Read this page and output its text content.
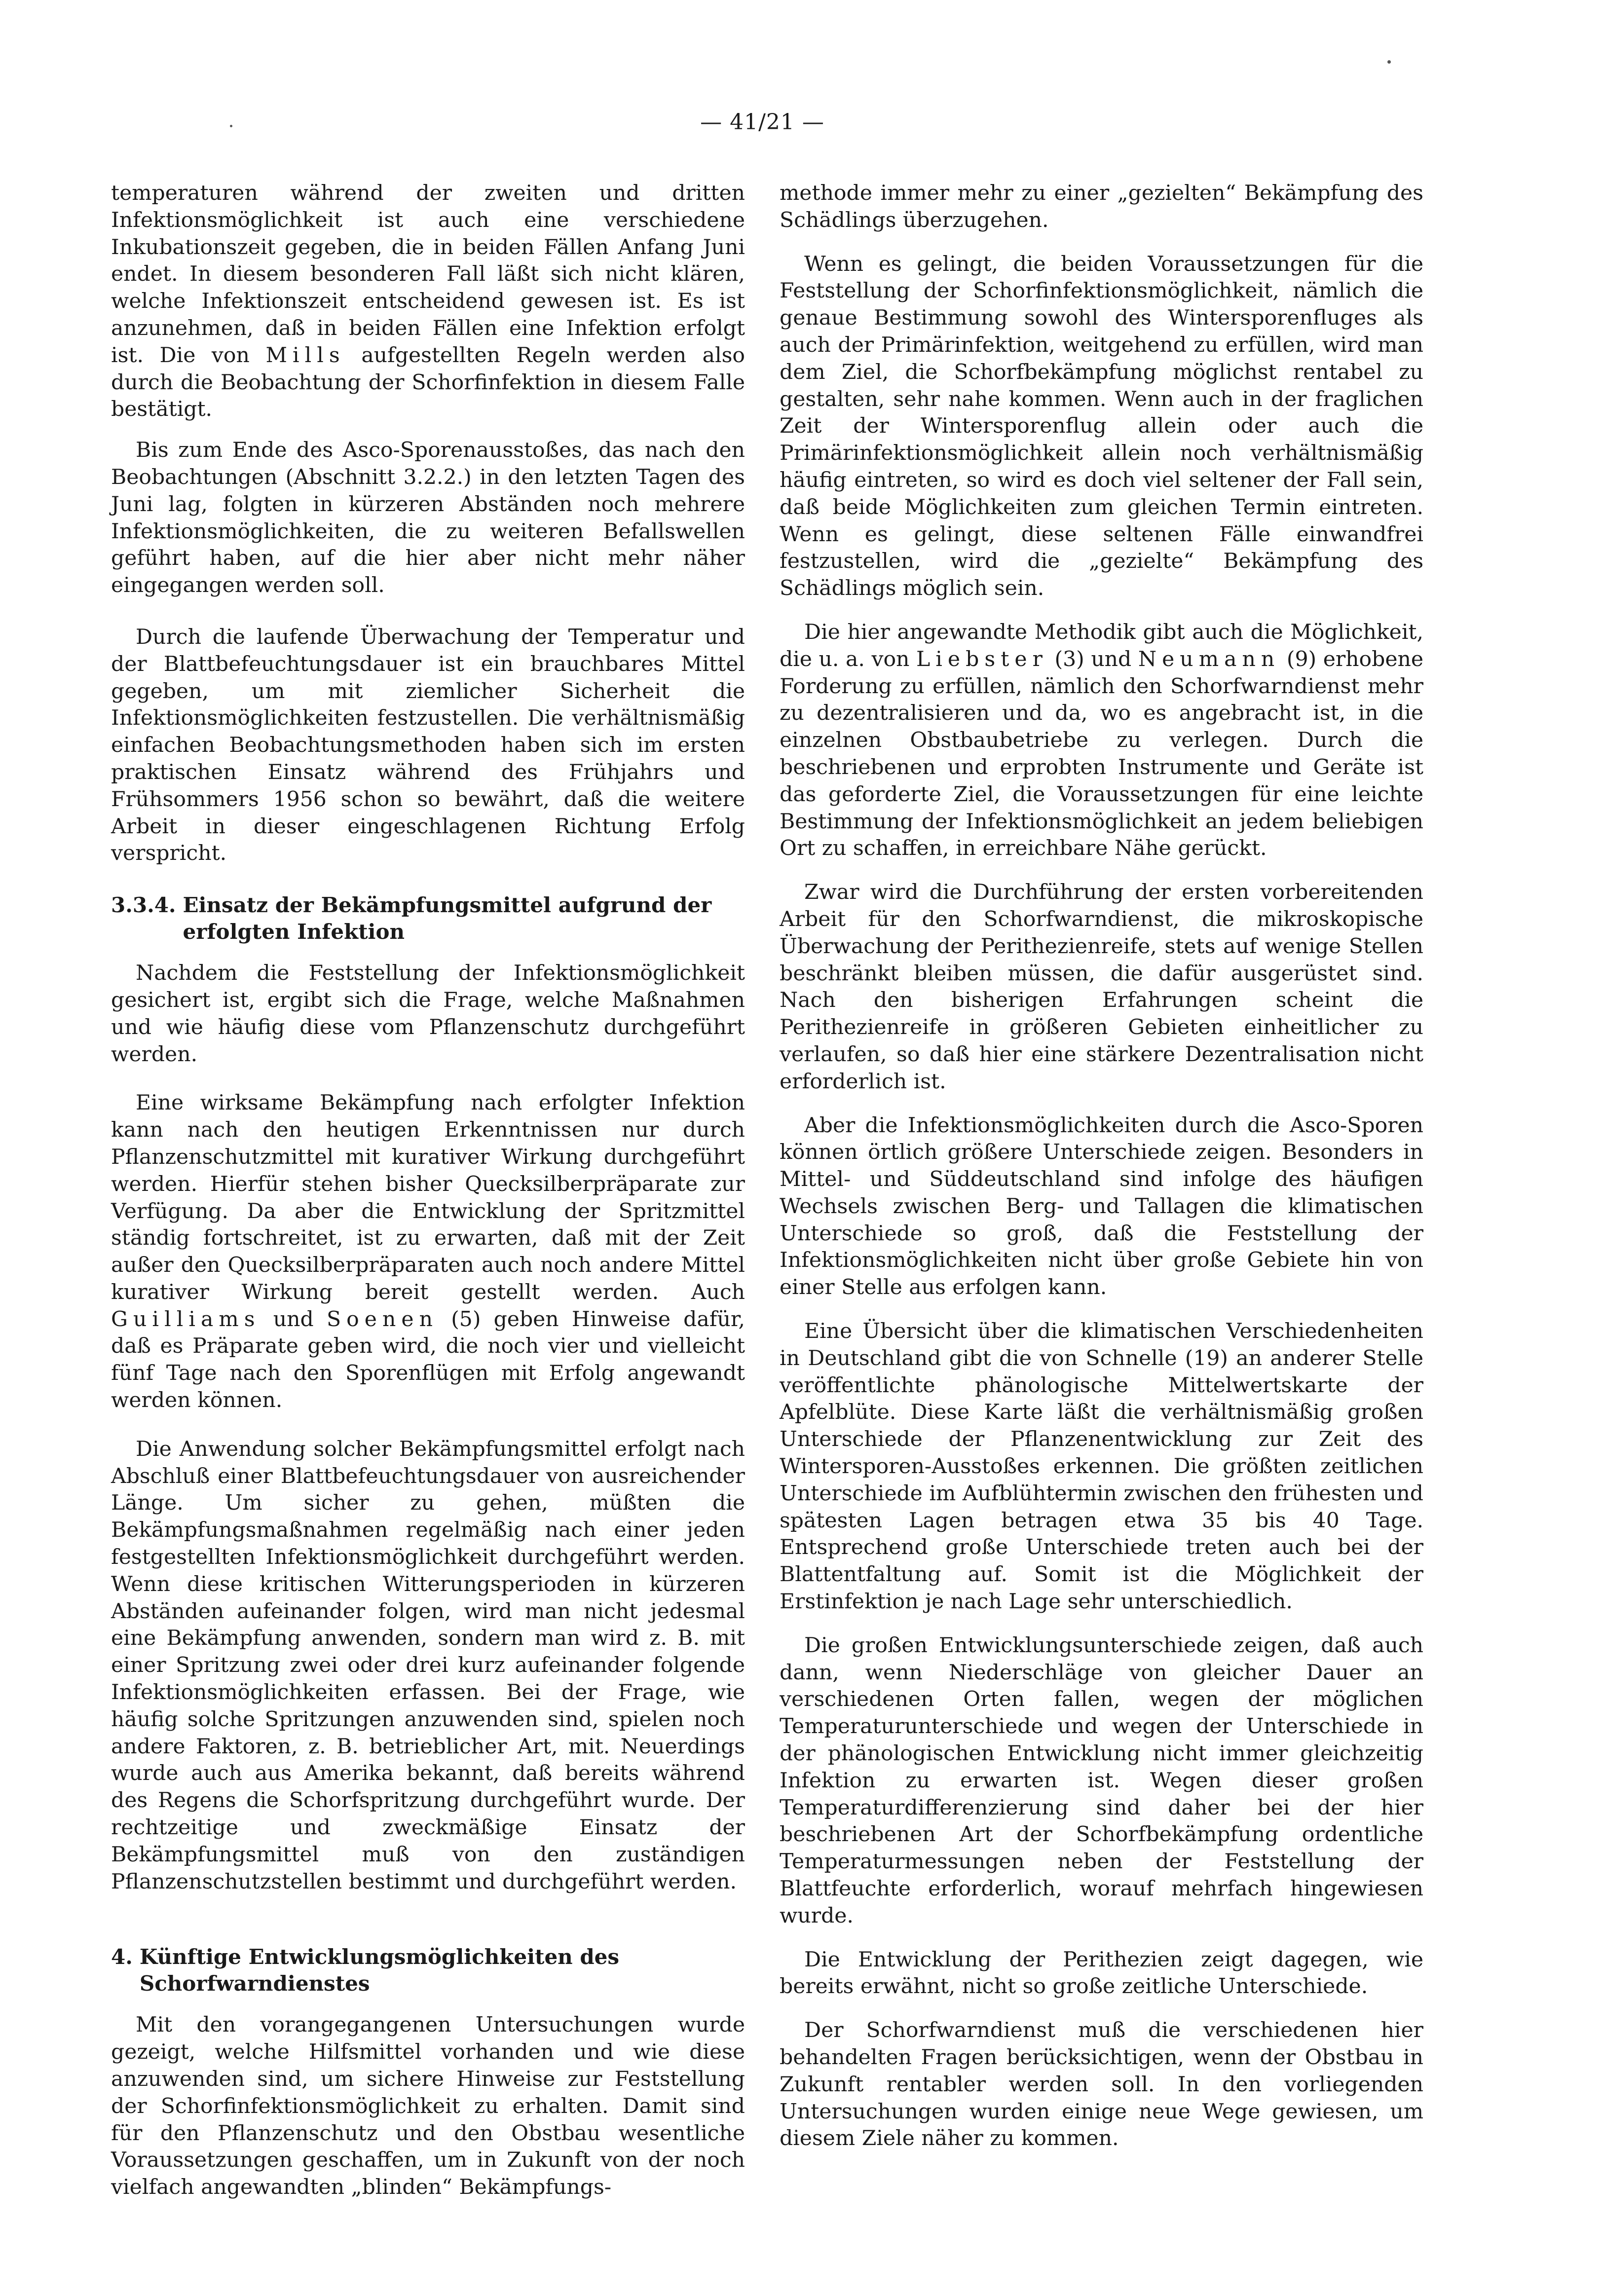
— 41/21 —

temperaturen während der zweiten und dritten Infektionsmöglichkeit ist auch eine verschiedene Inkubationszeit gegeben, die in beiden Fällen Anfang Juni endet. In diesem besonderen Fall läßt sich nicht klären, welche Infektionszeit entscheidend gewesen ist. Es ist anzunehmen, daß in beiden Fällen eine Infektion erfolgt ist. Die von Mills aufgestellten Regeln werden also durch die Beobachtung der Schorfinfektion in diesem Falle bestätigt.

Bis zum Ende des Asco-Sporenausstoßes, das nach den Beobachtungen (Abschnitt 3.2.2.) in den letzten Tagen des Juni lag, folgten in kürzeren Abständen noch mehrere Infektionsmöglichkeiten, die zu weiteren Befallswellen geführt haben, auf die hier aber nicht mehr näher eingegangen werden soll.

Durch die laufende Überwachung der Temperatur und der Blattbefeuchtungsdauer ist ein brauchbares Mittel gegeben, um mit ziemlicher Sicherheit die Infektionsmöglichkeiten festzustellen. Die verhältnismäßig einfachen Beobachtungsmethoden haben sich im ersten praktischen Einsatz während des Frühjahrs und Frühsommers 1956 schon so bewährt, daß die weitere Arbeit in dieser eingeschlagenen Richtung Erfolg verspricht.

3.3.4. Einsatz der Bekämpfungsmittel aufgrund der erfolgten Infektion

Nachdem die Feststellung der Infektionsmöglichkeit gesichert ist, ergibt sich die Frage, welche Maßnahmen und wie häufig diese vom Pflanzenschutz durchgeführt werden.

Eine wirksame Bekämpfung nach erfolgter Infektion kann nach den heutigen Erkenntnissen nur durch Pflanzenschutzmittel mit kurativer Wirkung durchgeführt werden. Hierfür stehen bisher Quecksilberpräparate zur Verfügung. Da aber die Entwicklung der Spritzmittel ständig fortschreitet, ist zu erwarten, daß mit der Zeit außer den Quecksilberpräparaten auch noch andere Mittel kurativer Wirkung bereit gestellt werden. Auch Guilliams und Soenen (5) geben Hinweise dafür, daß es Präparate geben wird, die noch vier und vielleicht fünf Tage nach den Sporenflügen mit Erfolg angewandt werden können.

Die Anwendung solcher Bekämpfungsmittel erfolgt nach Abschluß einer Blattbefeuchtungsdauer von ausreichender Länge. Um sicher zu gehen, müßten die Bekämpfungsmaßnahmen regelmäßig nach einer jeden festgestellten Infektionsmöglichkeit durchgeführt werden. Wenn diese kritischen Witterungsperioden in kürzeren Abständen aufeinander folgen, wird man nicht jedesmal eine Bekämpfung anwenden, sondern man wird z. B. mit einer Spritzung zwei oder drei kurz aufeinander folgende Infektionsmöglichkeiten erfassen. Bei der Frage, wie häufig solche Spritzungen anzuwenden sind, spielen noch andere Faktoren, z. B. betrieblicher Art, mit. Neuerdings wurde auch aus Amerika bekannt, daß bereits während des Regens die Schorfspritzung durchgeführt wurde. Der rechtzeitige und zweckmäßige Einsatz der Bekämpfungsmittel muß von den zuständigen Pflanzenschutzstellen bestimmt und durchgeführt werden.

4. Künftige Entwicklungsmöglichkeiten des Schorfwarndienstes

Mit den vorangegangenen Untersuchungen wurde gezeigt, welche Hilfsmittel vorhanden und wie diese anzuwenden sind, um sichere Hinweise zur Feststellung der Schorfinfektionsmöglichkeit zu erhalten. Damit sind für den Pflanzenschutz und den Obstbau wesentliche Voraussetzungen geschaffen, um in Zukunft von der noch vielfach angewandten „blinden“ Bekämpfungs-

methode immer mehr zu einer „gezielten“ Bekämpfung des Schädlings überzugehen.

Wenn es gelingt, die beiden Voraussetzungen für die Feststellung der Schorfinfektionsmöglichkeit, nämlich die genaue Bestimmung sowohl des Wintersporenfluges als auch der Primärinfektion, weitgehend zu erfüllen, wird man dem Ziel, die Schorfbekämpfung möglichst rentabel zu gestalten, sehr nahe kommen. Wenn auch in der fraglichen Zeit der Wintersporenflug allein oder auch die Primärinfektionsmöglichkeit allein noch verhältnismäßig häufig eintreten, so wird es doch viel seltener der Fall sein, daß beide Möglichkeiten zum gleichen Termin eintreten. Wenn es gelingt, diese seltenen Fälle einwandfrei festzustellen, wird die „gezielte“ Bekämpfung des Schädlings möglich sein.

Die hier angewandte Methodik gibt auch die Möglichkeit, die u. a. von Liebster (3) und Neumann (9) erhobene Forderung zu erfüllen, nämlich den Schorfwarndienst mehr zu dezentralisieren und da, wo es angebracht ist, in die einzelnen Obstbaubetriebe zu verlegen. Durch die beschriebenen und erprobten Instrumente und Geräte ist das geforderte Ziel, die Voraussetzungen für eine leichte Bestimmung der Infektionsmöglichkeit an jedem beliebigen Ort zu schaffen, in erreichbare Nähe gerückt.

Zwar wird die Durchführung der ersten vorbereitenden Arbeit für den Schorfwarndienst, die mikroskopische Überwachung der Perithezienreife, stets auf wenige Stellen beschränkt bleiben müssen, die dafür ausgerüstet sind. Nach den bisherigen Erfahrungen scheint die Perithezienreife in größeren Gebieten einheitlicher zu verlaufen, so daß hier eine stärkere Dezentralisation nicht erforderlich ist.

Aber die Infektionsmöglichkeiten durch die Asco-Sporen können örtlich größere Unterschiede zeigen. Besonders in Mittel- und Süddeutschland sind infolge des häufigen Wechsels zwischen Berg- und Tallagen die klimatischen Unterschiede so groß, daß die Feststellung der Infektionsmöglichkeiten nicht über große Gebiete hin von einer Stelle aus erfolgen kann.

Eine Übersicht über die klimatischen Verschiedenheiten in Deutschland gibt die von Schnelle (19) an anderer Stelle veröffentlichte phänologische Mittelwertskarte der Apfelblüte. Diese Karte läßt die verhältnismäßig großen Unterschiede der Pflanzenentwicklung zur Zeit des Wintersporen-Ausstoßes erkennen. Die größten zeitlichen Unterschiede im Aufblühtermin zwischen den frühesten und spätesten Lagen betragen etwa 35 bis 40 Tage. Entsprechend große Unterschiede treten auch bei der Blattentfaltung auf. Somit ist die Möglichkeit der Erstinfektion je nach Lage sehr unterschiedlich.

Die großen Entwicklungsunterschiede zeigen, daß auch dann, wenn Niederschläge von gleicher Dauer an verschiedenen Orten fallen, wegen der möglichen Temperaturunterschiede und wegen der Unterschiede in der phänologischen Entwicklung nicht immer gleichzeitig Infektion zu erwarten ist. Wegen dieser großen Temperaturdifferenzierung sind daher bei der hier beschriebenen Art der Schorfbekämpfung ordentliche Temperaturmessungen neben der Feststellung der Blattfeuchte erforderlich, worauf mehrfach hingewiesen wurde.

Die Entwicklung der Perithezien zeigt dagegen, wie bereits erwähnt, nicht so große zeitliche Unterschiede.

Der Schorfwarndienst muß die verschiedenen hier behandelten Fragen berücksichtigen, wenn der Obstbau in Zukunft rentabler werden soll. In den vorliegenden Untersuchungen wurden einige neue Wege gewiesen, um diesem Ziele näher zu kommen.
